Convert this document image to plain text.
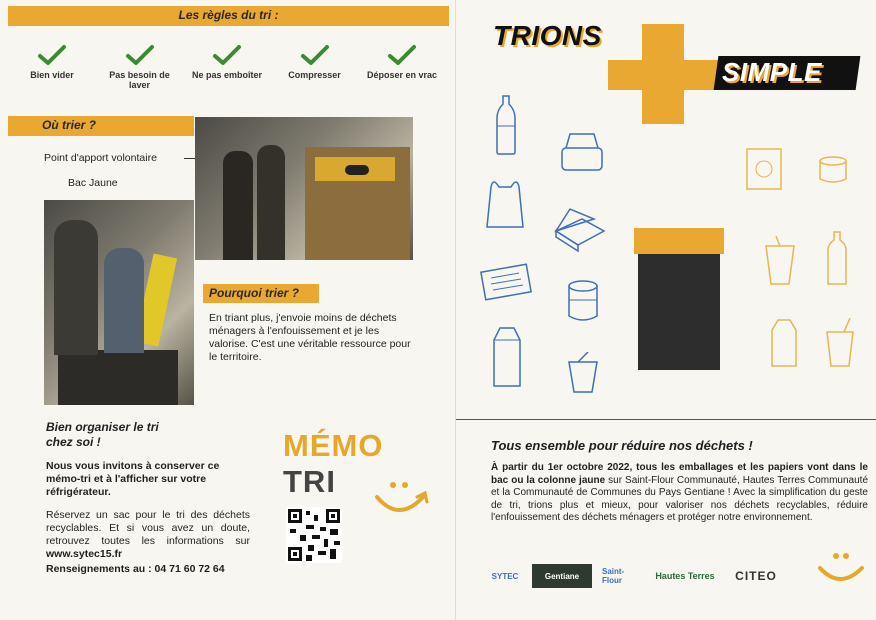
Les règles du tri :
Bien vider	Pas besoin de laver
Ne pas emboîter	Compresser	Déposer en vrac
Où trier ?
Point d'apport volontaire
Bac Jaune
Pourquoi trier ?
En triant plus, j'envoie moins de déchets ménagers à l'enfouissement et je les valorise. C'est une véritable ressource pour le territoire.
Bien organiser le tri
chez soi !
Nous vous invitons à conserver ce mémo-tri et à l'afficher sur votre réfrigérateur.
Réservez un sac pour le tri des déchets recyclables. Et si vous avez un doute, retrouvez toutes les informations sur www.sytec15.fr
Renseignements au : 04 71 60 72 64
MÉMO
TRI
TRIONS
SIMPLE
Tous ensemble pour réduire nos déchets !
À partir du 1er octobre 2022, tous les emballages et les papiers vont dans le bac ou la colonne jaune sur Saint-Flour Communauté, Hautes Terres Communauté et la Communauté de Communes du Pays Gentiane ! Avec la simplification du geste de tri, trions plus et mieux, pour valoriser nos déchets recyclables, réduire l'enfouissement des déchets ménagers et protéger notre environnement.
SYTEC	Gentiane	Saint-Flour	Hautes Terres CITEO
